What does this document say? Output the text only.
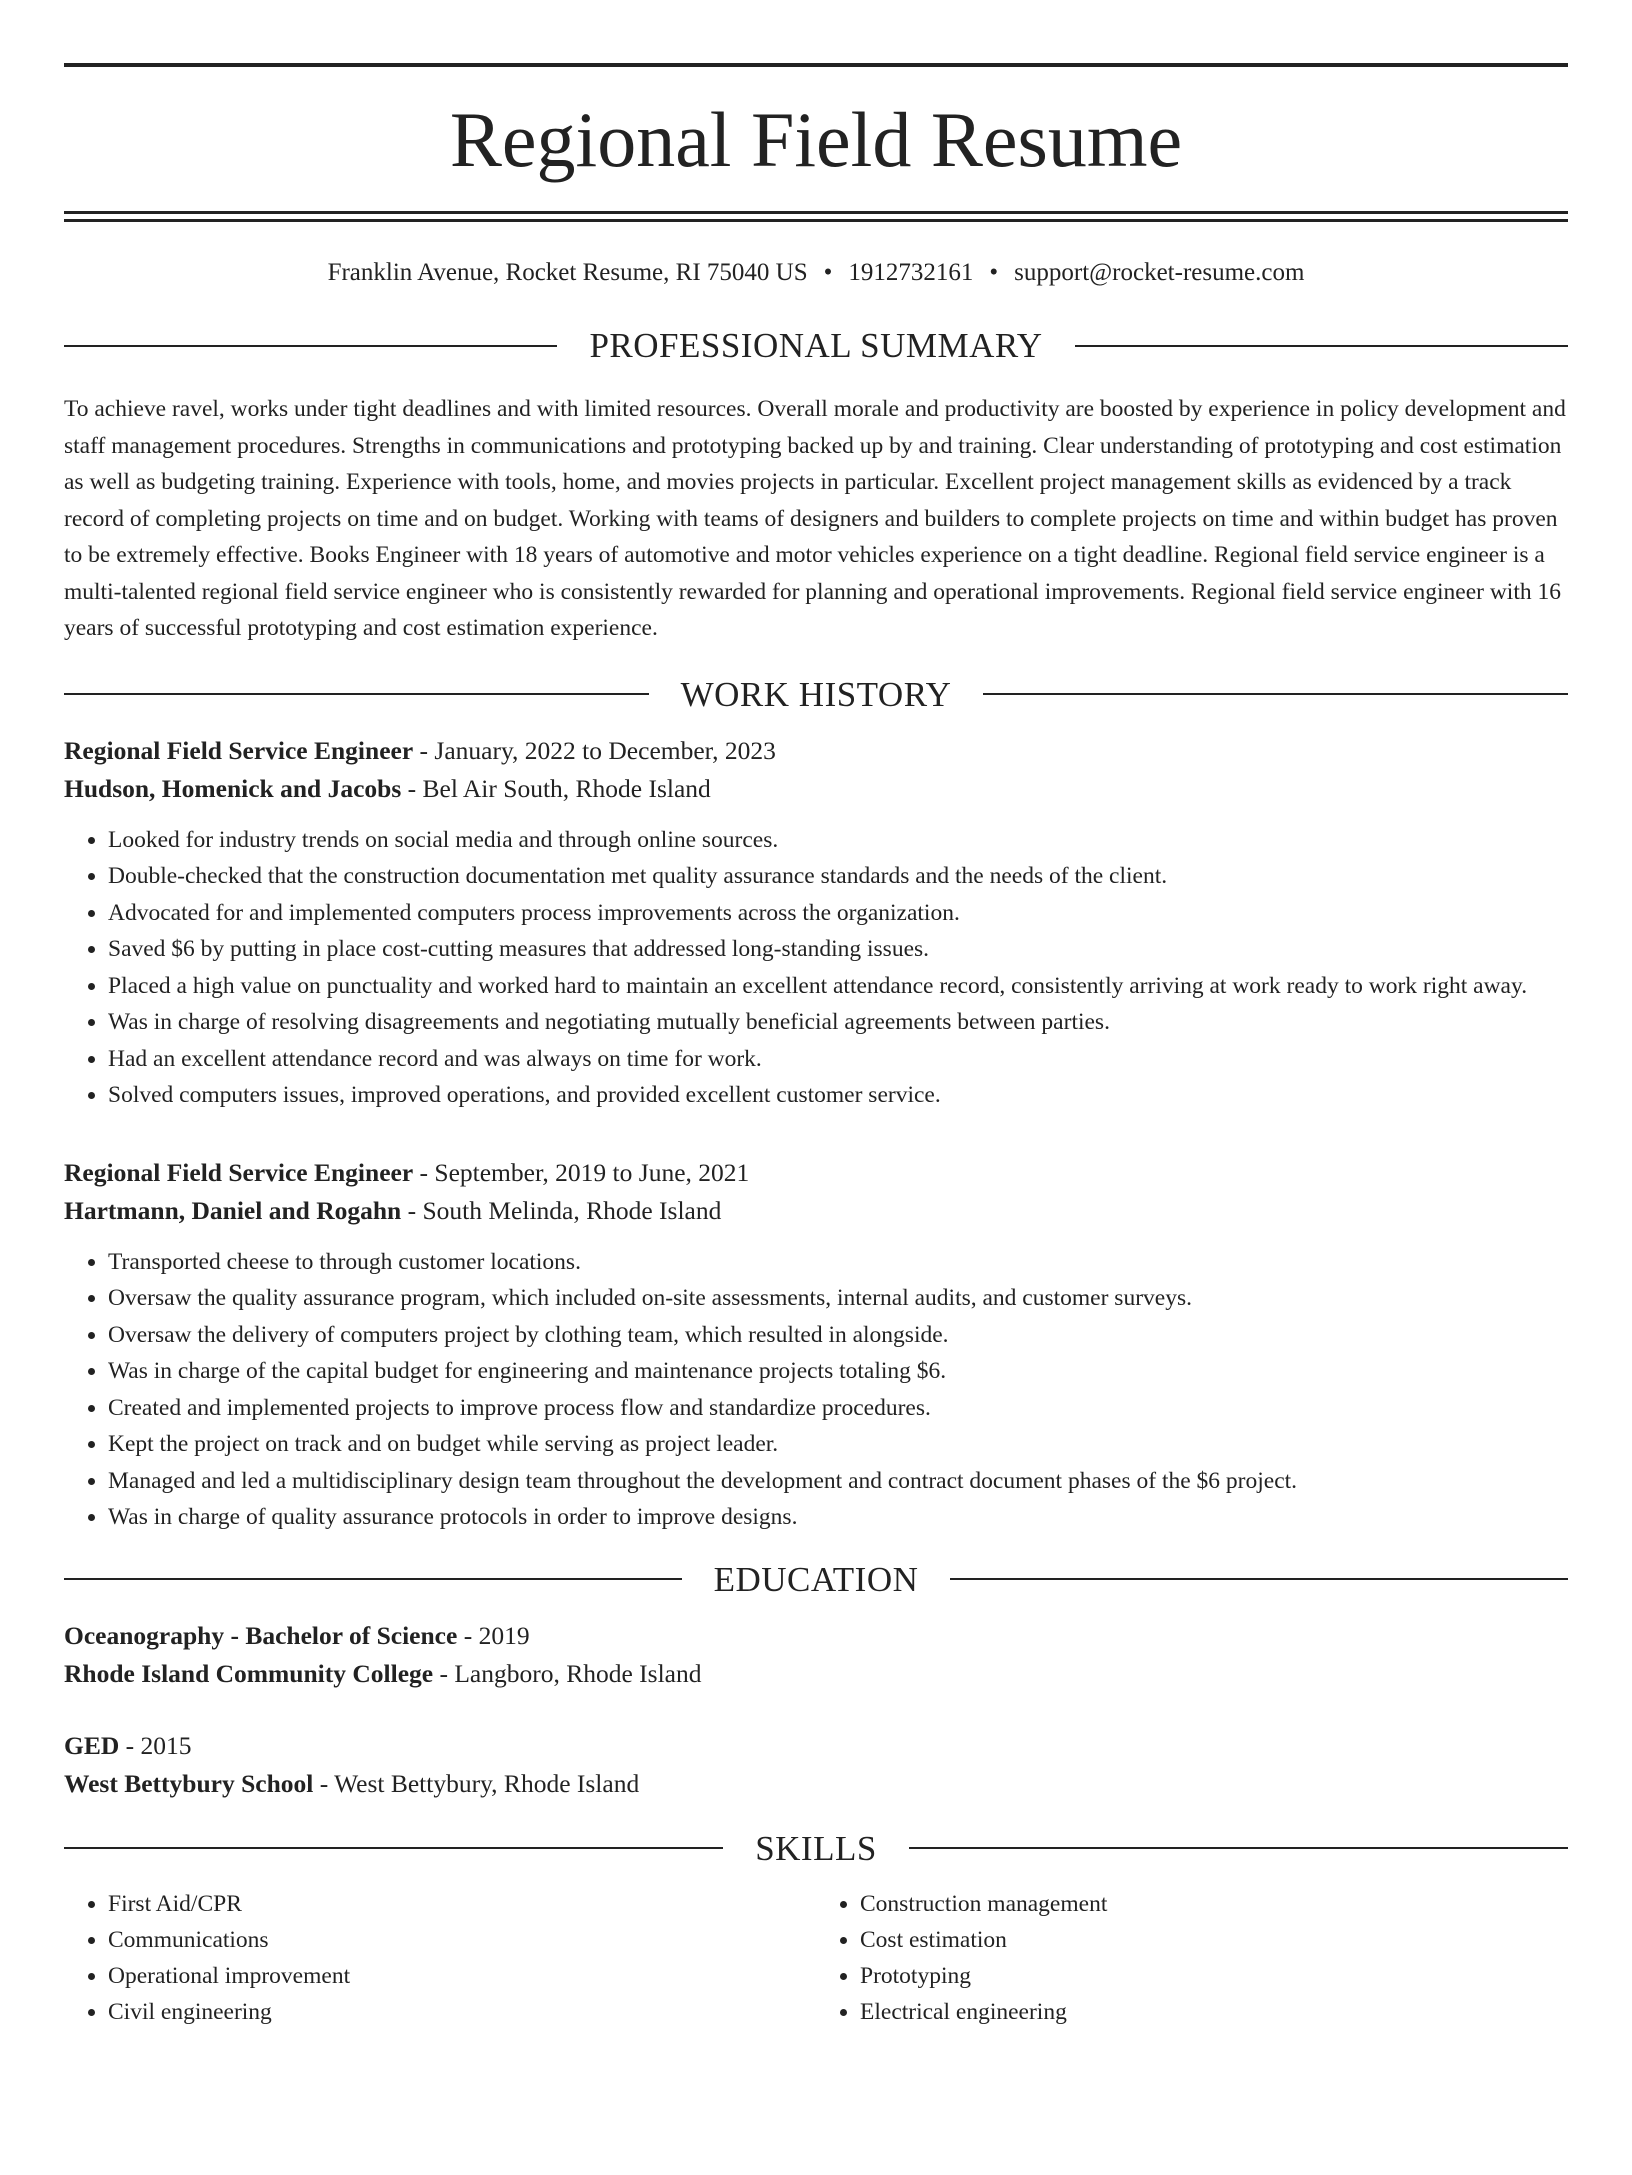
Regional Field Resume
Franklin Avenue, Rocket Resume, RI 75040 US • 1912732161 • support@rocket-resume.com
PROFESSIONAL SUMMARY
To achieve ravel, works under tight deadlines and with limited resources. Overall morale and productivity are boosted by experience in policy development and staff management procedures. Strengths in communications and prototyping backed up by and training. Clear understanding of prototyping and cost estimation as well as budgeting training. Experience with tools, home, and movies projects in particular. Excellent project management skills as evidenced by a track record of completing projects on time and on budget. Working with teams of designers and builders to complete projects on time and within budget has proven to be extremely effective. Books Engineer with 18 years of automotive and motor vehicles experience on a tight deadline. Regional field service engineer is a multi-talented regional field service engineer who is consistently rewarded for planning and operational improvements. Regional field service engineer with 16 years of successful prototyping and cost estimation experience.
WORK HISTORY
Regional Field Service Engineer - January, 2022 to December, 2023
Hudson, Homenick and Jacobs - Bel Air South, Rhode Island
• Looked for industry trends on social media and through online sources.
• Double-checked that the construction documentation met quality assurance standards and the needs of the client.
• Advocated for and implemented computers process improvements across the organization.
• Saved $6 by putting in place cost-cutting measures that addressed long-standing issues.
• Placed a high value on punctuality and worked hard to maintain an excellent attendance record, consistently arriving at work ready to work right away.
• Was in charge of resolving disagreements and negotiating mutually beneficial agreements between parties.
• Had an excellent attendance record and was always on time for work.
• Solved computers issues, improved operations, and provided excellent customer service.
Regional Field Service Engineer - September, 2019 to June, 2021
Hartmann, Daniel and Rogahn - South Melinda, Rhode Island
• Transported cheese to through customer locations.
• Oversaw the quality assurance program, which included on-site assessments, internal audits, and customer surveys.
• Oversaw the delivery of computers project by clothing team, which resulted in alongside.
• Was in charge of the capital budget for engineering and maintenance projects totaling $6.
• Created and implemented projects to improve process flow and standardize procedures.
• Kept the project on track and on budget while serving as project leader.
• Managed and led a multidisciplinary design team throughout the development and contract document phases of the $6 project.
• Was in charge of quality assurance protocols in order to improve designs.
EDUCATION
Oceanography - Bachelor of Science - 2019
Rhode Island Community College - Langboro, Rhode Island
GED - 2015
West Bettybury School - West Bettybury, Rhode Island
SKILLS
• First Aid/CPR
• Communications
• Operational improvement
• Civil engineering
• Construction management
• Cost estimation
• Prototyping
• Electrical engineering
